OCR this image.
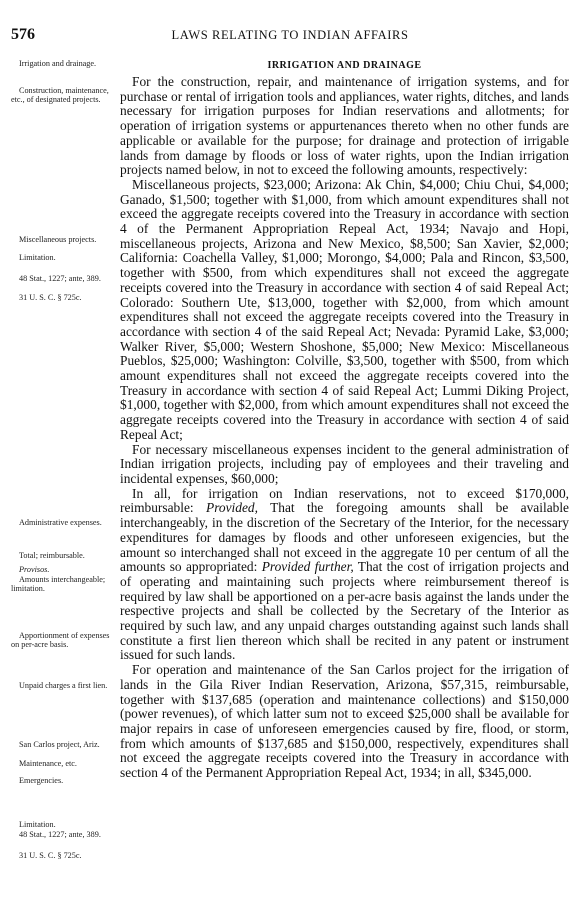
576	LAWS RELATING TO INDIAN AFFAIRS
IRRIGATION AND DRAINAGE
Irrigation and drainage.
Construction, maintenance, etc., of designated projects.
Miscellaneous projects.
Limitation.
48 Stat., 1227; ante, 389.
31 U. S. C. § 725c.
Administrative expenses.
Total; reimbursable.
Provisos.
Amounts interchangeable; limitation.
Apportionment of expenses on per-acre basis.
Unpaid charges a first lien.
San Carlos project, Ariz.
Maintenance, etc.
Emergencies.
Limitation.
48 Stat., 1227; ante, 389.
31 U. S. C. § 725c.

For the construction, repair, and maintenance of irrigation systems, and for purchase or rental of irrigation tools and appliances, water rights, ditches, and lands necessary for irrigation purposes for Indian reservations and allotments; for operation of irrigation systems or appurtenances thereto when no other funds are applicable or available for the purpose; for drainage and protection of irrigable lands from damage by floods or loss of water rights, upon the Indian irrigation projects named below, in not to exceed the following amounts, respectively:

Miscellaneous projects, $23,000; Arizona: Ak Chin, $4,000; Chiu Chui, $4,000; Ganado, $1,500; together with $1,000, from which amount expenditures shall not exceed the aggregate receipts covered into the Treasury in accordance with section 4 of the Permanent Appropriation Repeal Act, 1934; Navajo and Hopi, miscellaneous projects, Arizona and New Mexico, $8,500; San Xavier, $2,000; California: Coachella Valley, $1,000; Morongo, $4,000; Pala and Rincon, $3,500, together with $500, from which expenditures shall not exceed the aggregate receipts covered into the Treasury in accordance with section 4 of said Repeal Act; Colorado: Southern Ute, $13,000, together with $2,000, from which amount expenditures shall not exceed the aggregate receipts covered into the Treasury in accordance with section 4 of the said Repeal Act; Nevada: Pyramid Lake, $3,000; Walker River, $5,000; Western Shoshone, $5,000; New Mexico: Miscellaneous Pueblos, $25,000; Washington: Colville, $3,500, together with $500, from which amount expenditures shall not exceed the aggregate receipts covered into the Treasury in accordance with section 4 of said Repeal Act; Lummi Diking Project, $1,000, together with $2,000, from which amount expenditures shall not exceed the aggregate receipts covered into the Treasury in accordance with section 4 of said Repeal Act;

For necessary miscellaneous expenses incident to the general administration of Indian irrigation projects, including pay of employees and their traveling and incidental expenses, $60,000;

In all, for irrigation on Indian reservations, not to exceed $170,000, reimbursable: Provided, That the foregoing amounts shall be available interchangeably, in the discretion of the Secretary of the Interior, for the necessary expenditures for damages by floods and other unforeseen exigencies, but the amount so interchanged shall not exceed in the aggregate 10 per centum of all the amounts so appropriated: Provided further, That the cost of irrigation projects and of operating and maintaining such projects where reimbursement thereof is required by law shall be apportioned on a per-acre basis against the lands under the respective projects and shall be collected by the Secretary of the Interior as required by such law, and any unpaid charges outstanding against such lands shall constitute a first lien thereon which shall be recited in any patent or instrument issued for such lands.

For operation and maintenance of the San Carlos project for the irrigation of lands in the Gila River Indian Reservation, Arizona, $57,315, reimbursable, together with $137,685 (operation and maintenance collections) and $150,000 (power revenues), of which latter sum not to exceed $25,000 shall be available for major repairs in case of unforeseen emergencies caused by fire, flood, or storm, from which amounts of $137,685 and $150,000, respectively, expenditures shall not exceed the aggregate receipts covered into the Treasury in accordance with section 4 of the Permanent Appropriation Repeal Act, 1934; in all, $345,000.
